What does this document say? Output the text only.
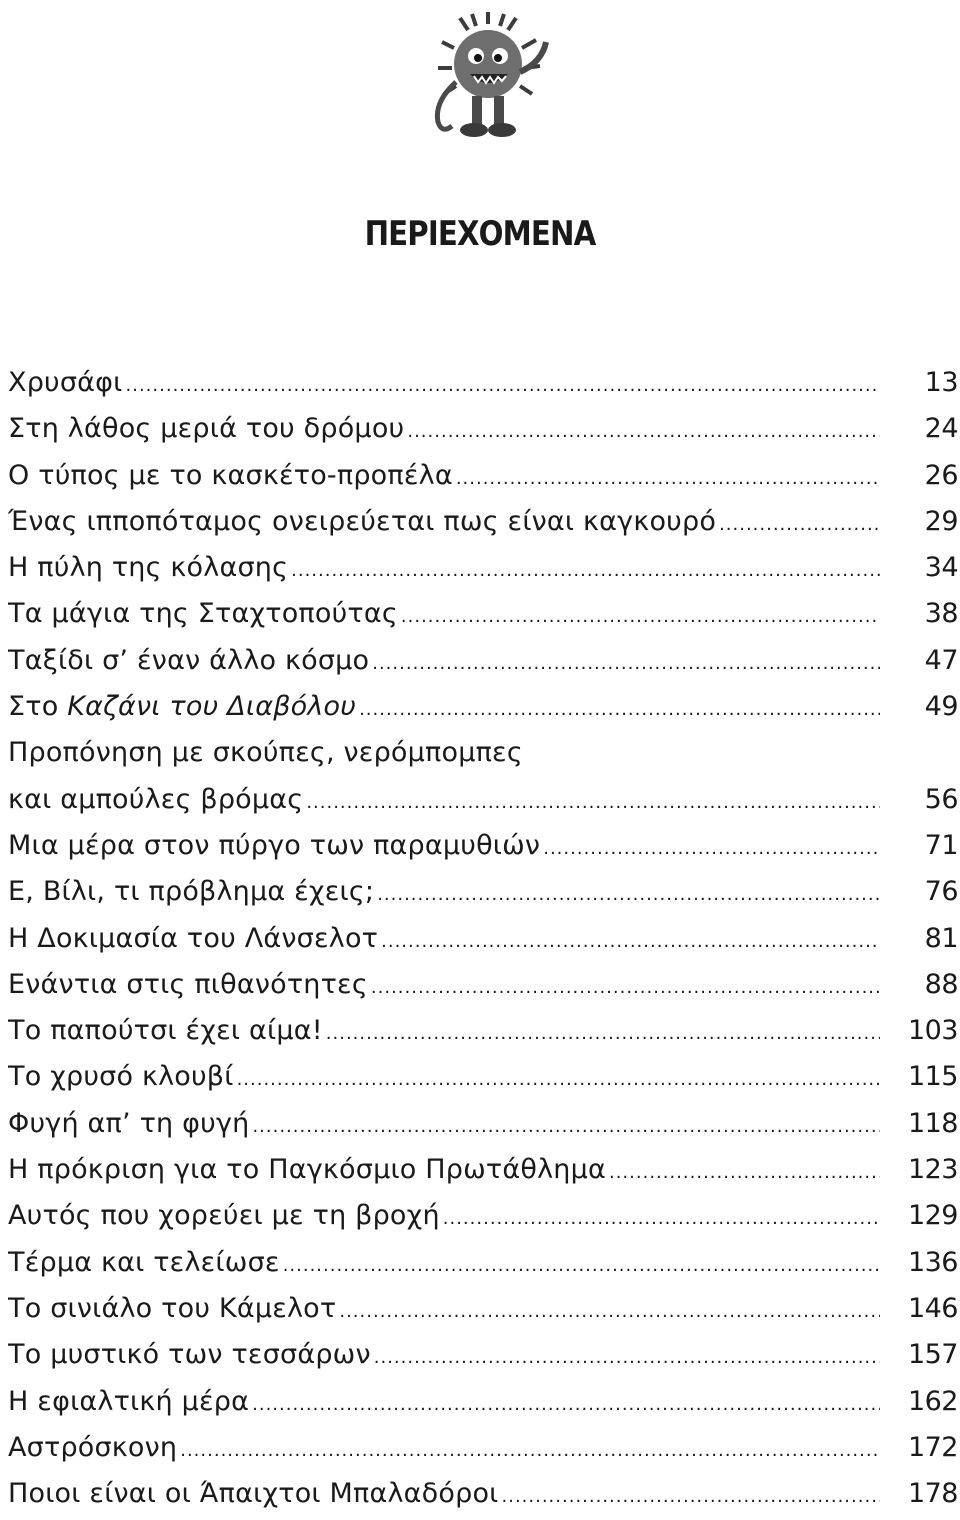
ΠΕΡΙΕΧΟΜΕΝΑ
Χρυσάφι .....	13
Στη λάθος μεριά του δρόμου .....	24
Ο τύπος με το κασκέτο-προπέλα .....	26
Ένας ιπποπόταμος ονειρεύεται πως είναι καγκουρό .....	29
Η πύλη της κόλασης .....	34
Τα μάγια της Σταχτοπούτας .....	38
Ταξίδι σ’ έναν άλλο κόσμο .....	47
Στο Καζάνι του Διαβόλου .....	49
Προπόνηση με σκούπες, νερόμπομπες
και αμπούλες βρόμας .....	56
Μια μέρα στον πύργο των παραμυθιών .....	71
Ε, Βίλι, τι πρόβλημα έχεις; .....	76
Η Δοκιμασία του Λάνσελοτ .....	81
Ενάντια στις πιθανότητες .....	88
Το παπούτσι έχει αίμα! .....	103
Το χρυσό κλουβί .....	115
Φυγή απ’ τη φυγή .....	118
Η πρόκριση για το Παγκόσμιο Πρωτάθλημα .....	123
Αυτός που χορεύει με τη βροχή .....	129
Τέρμα και τελείωσε .....	136
Το σινιάλο του Κάμελοτ .....	146
Το μυστικό των τεσσάρων .....	157
Η εφιαλτική μέρα .....	162
Αστρόσκονη .....	172
Ποιοι είναι οι Άπαιχτοι Μπαλαδόροι .....	178
